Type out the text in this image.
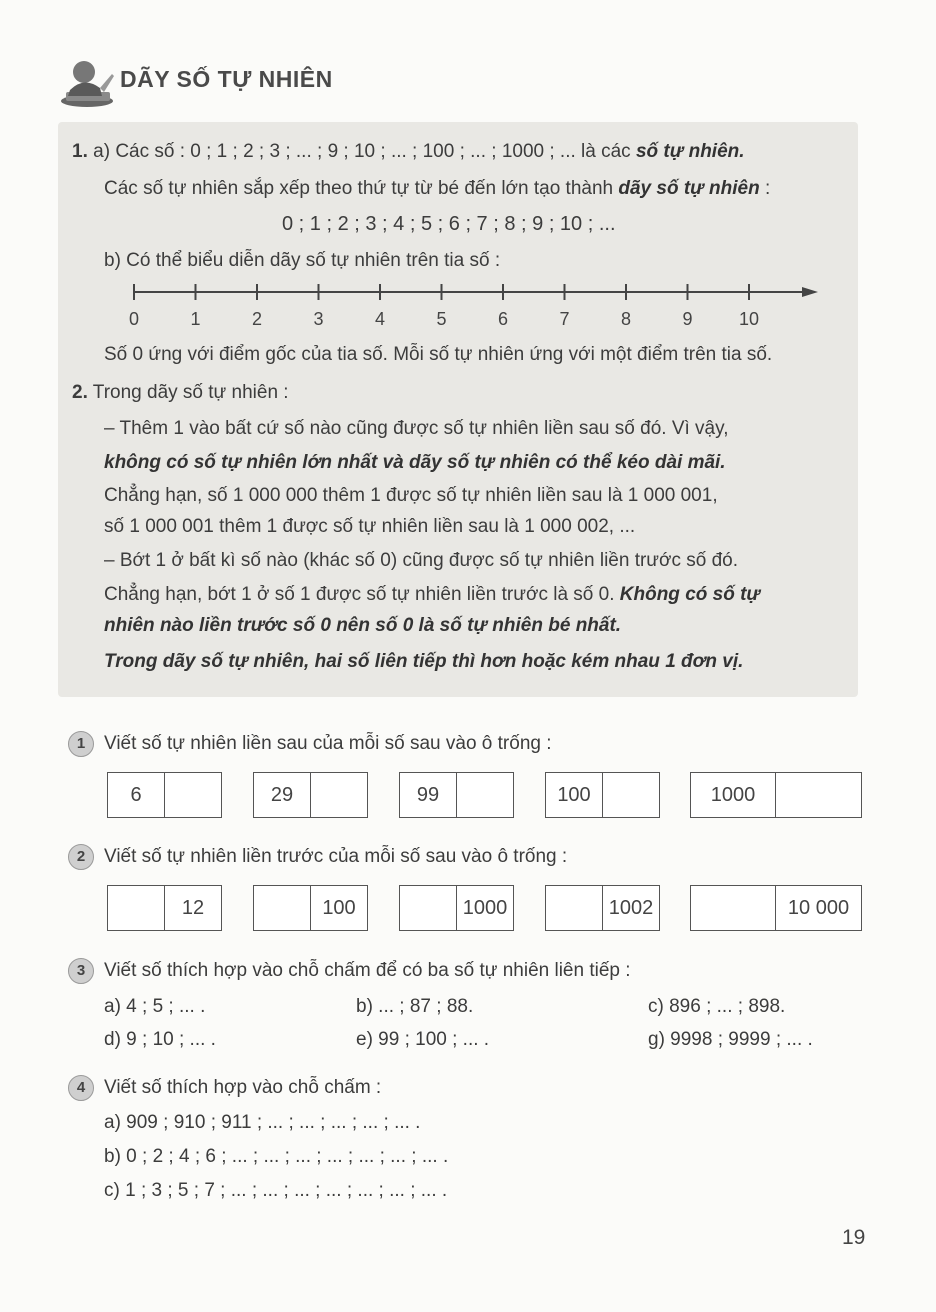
DÃY SỐ TỰ NHIÊN
1. a) Các số : 0 ; 1 ; 2 ; 3 ; ... ; 9 ; 10 ; ... ; 100 ; ... ; 1000 ; ... là các số tự nhiên.
Các số tự nhiên sắp xếp theo thứ tự từ bé đến lớn tạo thành dãy số tự nhiên :
0 ; 1 ; 2 ; 3 ; 4 ; 5 ; 6 ; 7 ; 8 ; 9 ; 10 ; ...
b) Có thể biểu diễn dãy số tự nhiên trên tia số :
0	1	2	3	4	5	6	7	8	9	10
Số 0 ứng với điểm gốc của tia số. Mỗi số tự nhiên ứng với một điểm trên tia số.
2. Trong dãy số tự nhiên :
– Thêm 1 vào bất cứ số nào cũng được số tự nhiên liền sau số đó. Vì vậy,
không có số tự nhiên lớn nhất và dãy số tự nhiên có thể kéo dài mãi.
Chẳng hạn, số 1 000 000 thêm 1 được số tự nhiên liền sau là 1 000 001,
số 1 000 001 thêm 1 được số tự nhiên liền sau là 1 000 002, ...
– Bớt 1 ở bất kì số nào (khác số 0) cũng được số tự nhiên liền trước số đó.
Chẳng hạn, bớt 1 ở số 1 được số tự nhiên liền trước là số 0. Không có số tự
nhiên nào liền trước số 0 nên số 0 là số tự nhiên bé nhất.
Trong dãy số tự nhiên, hai số liên tiếp thì hơn hoặc kém nhau 1 đơn vị.
1 Viết số tự nhiên liền sau của mỗi số sau vào ô trống :
6	29	99	100	1000
2 Viết số tự nhiên liền trước của mỗi số sau vào ô trống :
12	100	1000	1002	10 000
3 Viết số thích hợp vào chỗ chấm để có ba số tự nhiên liên tiếp :
a) 4 ; 5 ; ... .	b) ... ; 87 ; 88.	c) 896 ; ... ; 898.
d) 9 ; 10 ; ... .	e) 99 ; 100 ; ... .	g) 9998 ; 9999 ; ... .
4 Viết số thích hợp vào chỗ chấm :
a) 909 ; 910 ; 911 ; ... ; ... ; ... ; ... ; ... .
b) 0 ; 2 ; 4 ; 6 ; ... ; ... ; ... ; ... ; ... ; ... ; ... .
c) 1 ; 3 ; 5 ; 7 ; ... ; ... ; ... ; ... ; ... ; ... ; ... .
19
